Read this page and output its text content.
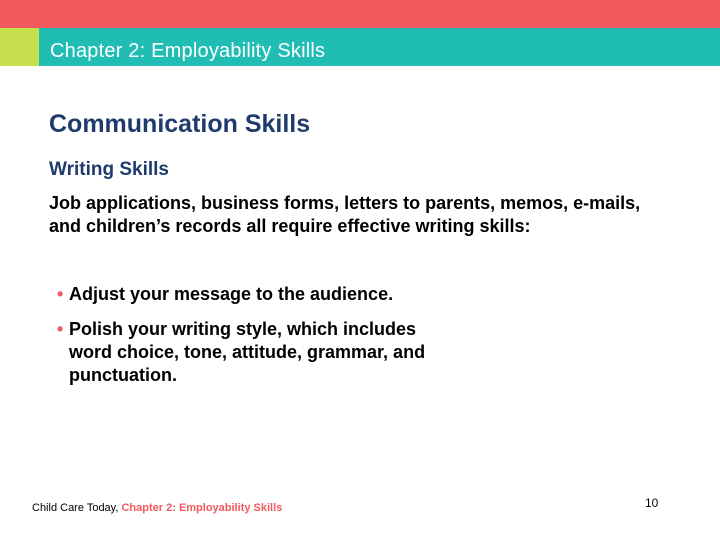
Chapter 2: Employability Skills
Communication Skills
Writing Skills

Job applications, business forms, letters to parents, memos, e-mails, and children’s records all require effective writing skills:

• Adjust your message to the audience.
• Polish your writing style, which includes word choice, tone, attitude, grammar, and punctuation.
Child Care Today, Chapter 2: Employability Skills	10
